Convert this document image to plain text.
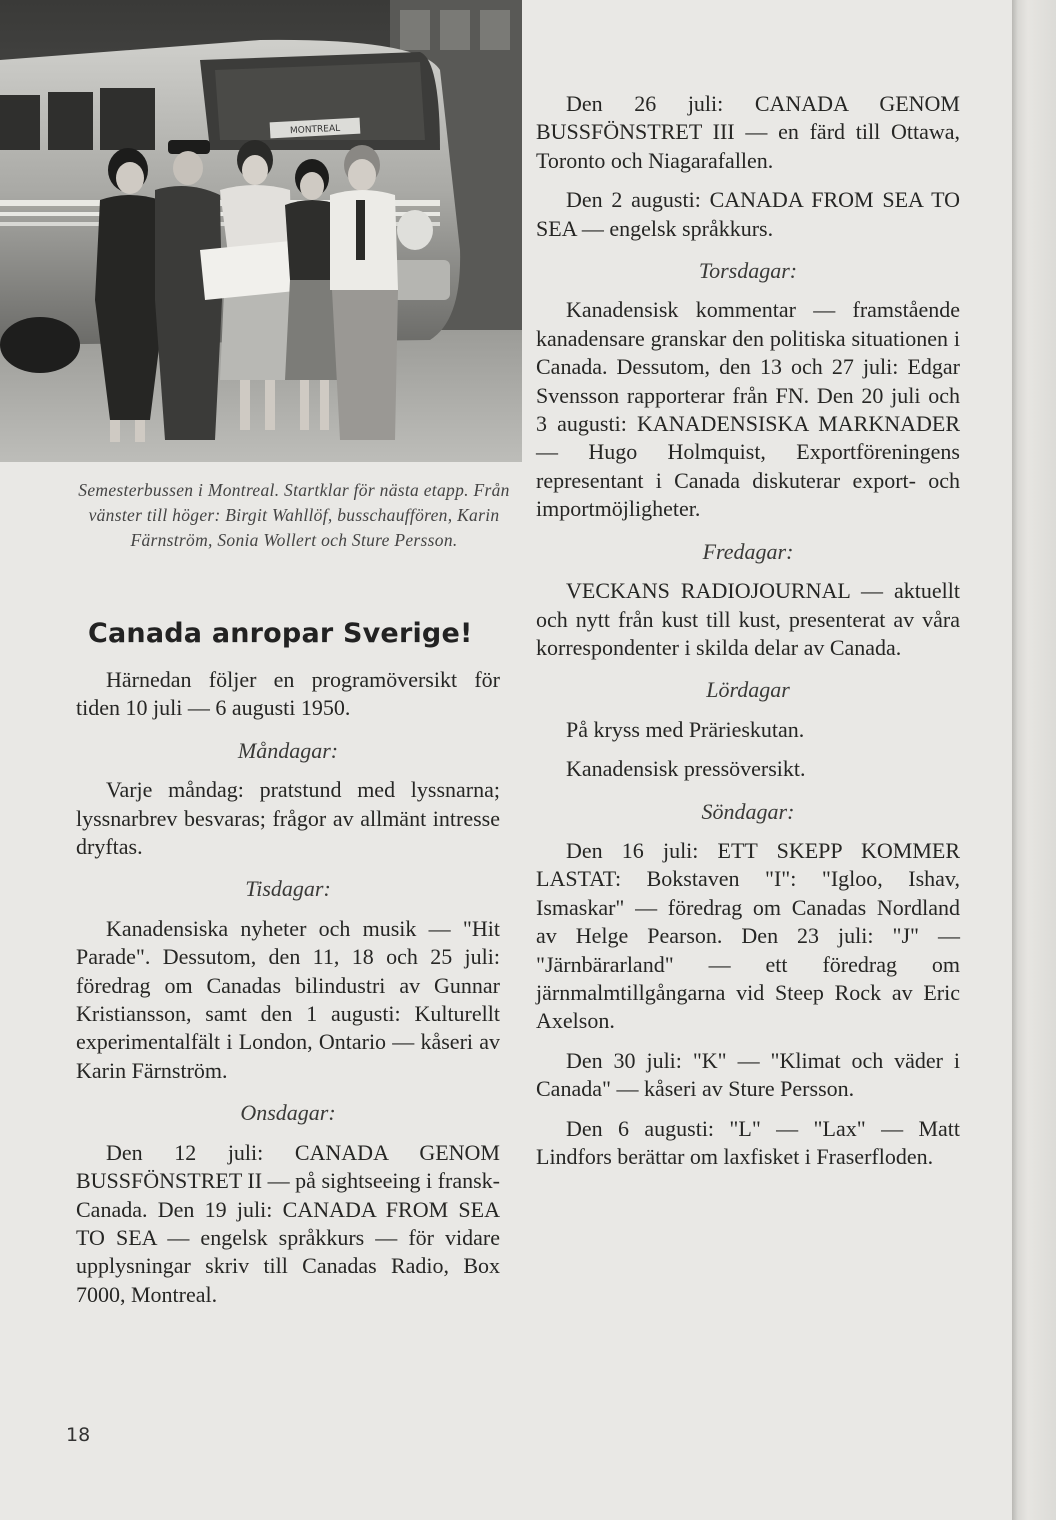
MONTREAL
Semesterbussen i Montreal. Startklar för nästa etapp. Från vänster till höger: Birgit Wahllöf, busschauffören, Karin Färnström, Sonia Wollert och Sture Persson.
Canada anropar Sverige!

Härnedan följer en programöversikt för tiden 10 juli — 6 augusti 1950.

Måndagar:

Varje måndag: pratstund med lyssnarna; lyssnarbrev besvaras; frågor av allmänt intresse dryftas.

Tisdagar:

Kanadensiska nyheter och musik — "Hit Parade". Dessutom, den 11, 18 och 25 juli: föredrag om Canadas bilindustri av Gunnar Kristiansson, samt den 1 augusti: Kulturellt experimentalfält i London, Ontario — kåseri av Karin Färnström.

Onsdagar:

Den 12 juli: CANADA GENOM BUSSFÖNSTRET II — på sightseeing i fransk-Canada. Den 19 juli: CANADA FROM SEA TO SEA — engelsk språkkurs — för vidare upplysningar skriv till Canadas Radio, Box 7000, Montreal.

Den 26 juli: CANADA GENOM BUSSFÖNSTRET III — en färd till Ottawa, Toronto och Niagarafallen.

Den 2 augusti: CANADA FROM SEA TO SEA — engelsk språkkurs.

Torsdagar:

Kanadensisk kommentar — framstående kanadensare granskar den politiska situationen i Canada. Dessutom, den 13 och 27 juli: Edgar Svensson rapporterar från FN. Den 20 juli och 3 augusti: KANADENSISKA MARKNADER — Hugo Holmquist, Exportföreningens representant i Canada diskuterar export- och importmöjligheter.

Fredagar:

VECKANS RADIOJOURNAL — aktuellt och nytt från kust till kust, presenterat av våra korrespondenter i skilda delar av Canada.

Lördagar

På kryss med Prärieskutan.

Kanadensisk pressöversikt.

Söndagar:

Den 16 juli: ETT SKEPP KOMMER LASTAT: Bokstaven "I": "Igloo, Ishav, Ismaskar" — föredrag om Canadas Nordland av Helge Pearson. Den 23 juli: "J" — "Järnbärarland" — ett föredrag om järnmalmtillgångarna vid Steep Rock av Eric Axelson.

Den 30 juli: "K" — "Klimat och väder i Canada" — kåseri av Sture Persson.

Den 6 augusti: "L" — "Lax" — Matt Lindfors berättar om laxfisket i Fraserfloden.

18
